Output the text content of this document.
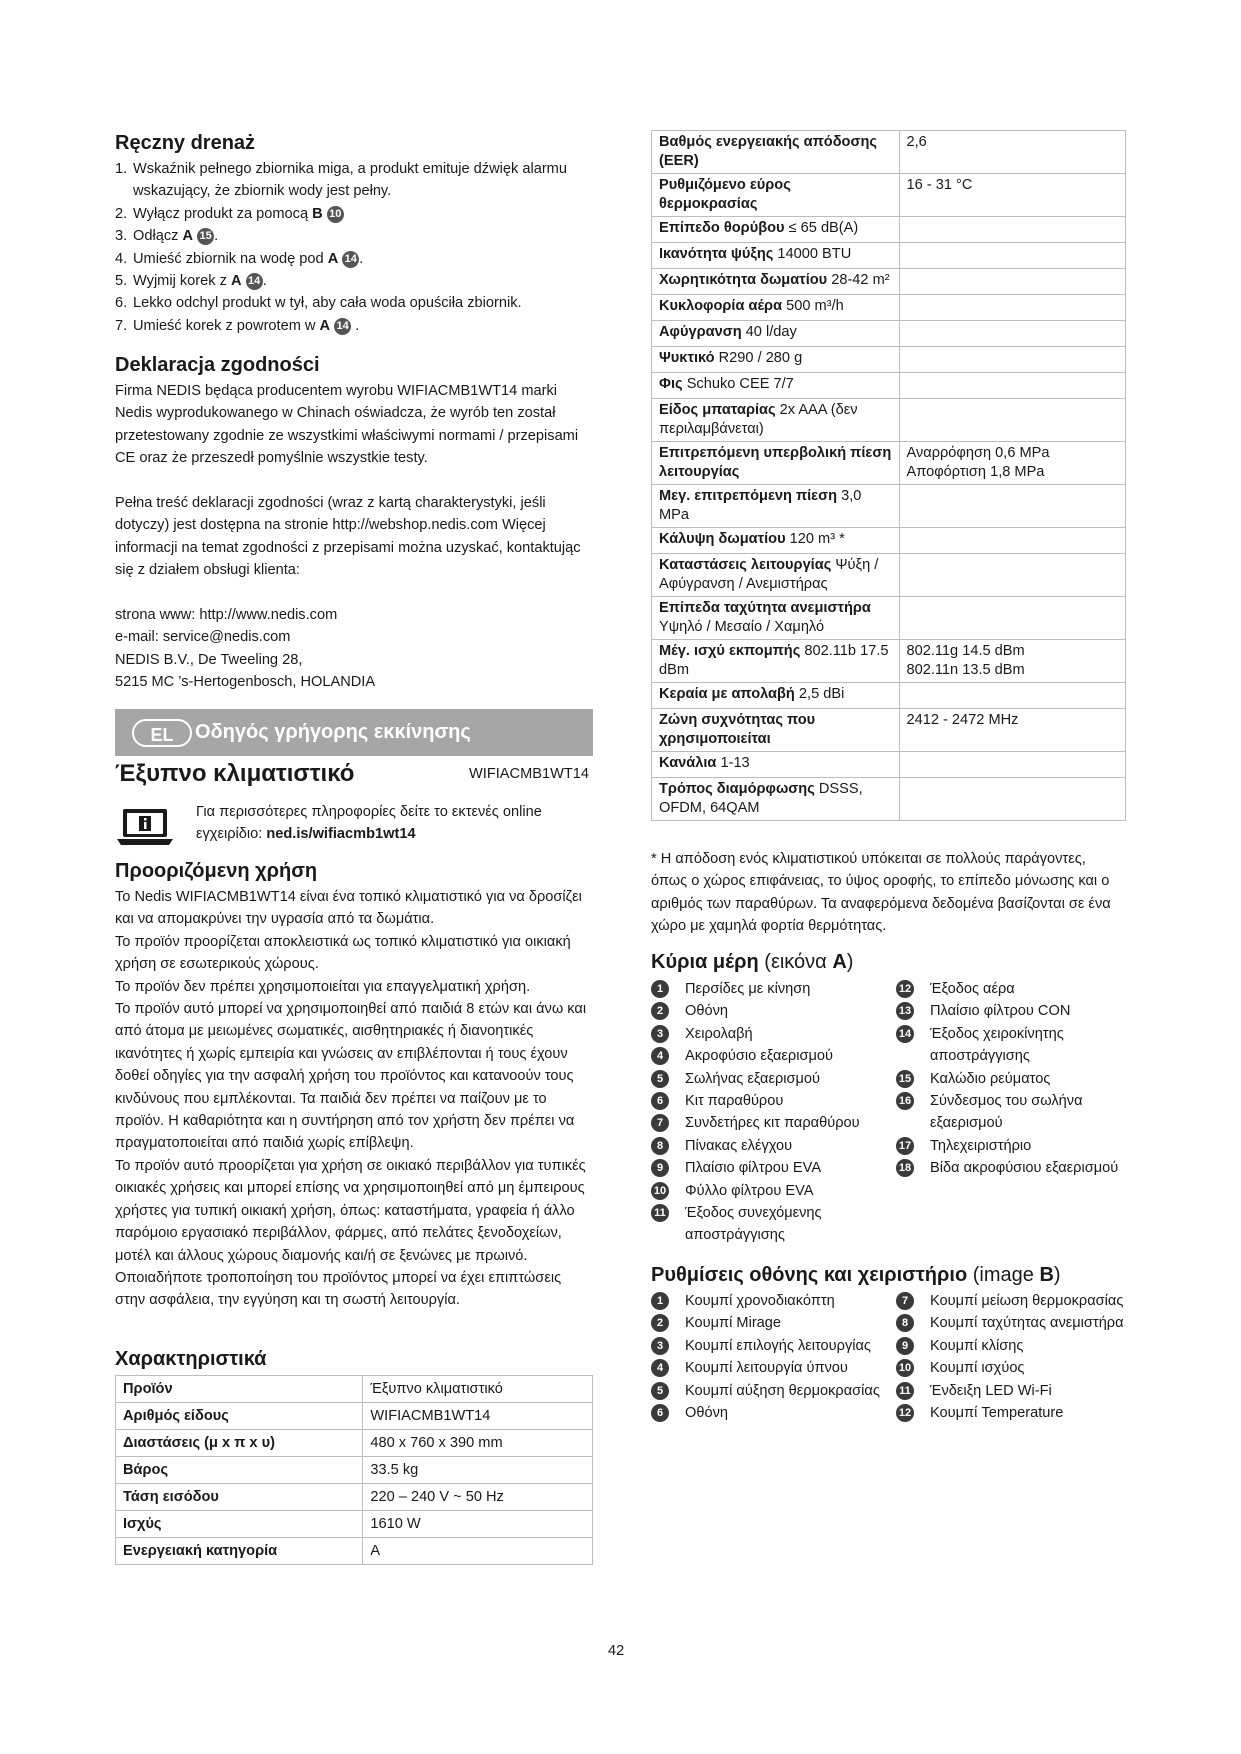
Ręczny drenaż
1. Wskaźnik pełnego zbiornika miga, a produkt emituje dźwięk alarmu wskazujący, że zbiornik wody jest pełny.
2. Wyłącz produkt za pomocą B 10
3. Odłącz A 15 .
4. Umieść zbiornik na wodę pod A 14 .
5. Wyjmij korek z A 14 .
6. Lekko odchyl produkt w tył, aby cała woda opuściła zbiornik.
7. Umieść korek z powrotem w A 14 .
Deklaracja zgodności

Firma NEDIS będąca producentem wyrobu WIFIACMB1WT14 marki Nedis wyprodukowanego w Chinach oświadcza, że wyrób ten został przetestowany zgodnie ze wszystkimi właściwymi normami / przepisami CE oraz że przeszedł pomyślnie wszystkie testy.

Pełna treść deklaracji zgodności (wraz z kartą charakterystyki, jeśli dotyczy) jest dostępna na stronie http://webshop.nedis.com Więcej informacji na temat zgodności z przepisami można uzyskać, kontaktując się z działem obsługi klienta:

strona www: http://www.nedis.com
e-mail: service@nedis.com
NEDIS B.V., De Tweeling 28,
5215 MC ’s-Hertogenbosch, HOLANDIA
EL	Οδηγός γρήγορης εκκίνησης
Έξυπνο κλιματιστικό	WIFIACMB1WT14
Για περισσότερες πληροφορίες δείτε το εκτενές online εγχειρίδιο: ned.is/wifiacmb1wt14
Προοριζόμενη χρήση

Το Nedis WIFIACMB1WT14 είναι ένα τοπικό κλιματιστικό για να δροσίζει και να απομακρύνει την υγρασία από τα δωμάτια.

Το προϊόν προορίζεται αποκλειστικά ως τοπικό κλιματιστικό για οικιακή χρήση σε εσωτερικούς χώρους.

Το προϊόν δεν πρέπει χρησιμοποιείται για επαγγελματική χρήση.

Το προϊόν αυτό μπορεί να χρησιμοποιηθεί από παιδιά 8 ετών και άνω και από άτομα με μειωμένες σωματικές, αισθητηριακές ή διανοητικές ικανότητες ή χωρίς εμπειρία και γνώσεις αν επιβλέπονται ή τους έχουν δοθεί οδηγίες για την ασφαλή χρήση του προϊόντος και κατανοούν τους κινδύνους που εμπλέκονται. Τα παιδιά δεν πρέπει να παίζουν με το προϊόν. Η καθαριότητα και η συντήρηση από τον χρήστη δεν πρέπει να πραγματοποιείται από παιδιά χωρίς επίβλεψη.

Το προϊόν αυτό προορίζεται για χρήση σε οικιακό περιβάλλον για τυπικές οικιακές χρήσεις και μπορεί επίσης να χρησιμοποιηθεί από μη έμπειρους χρήστες για τυπική οικιακή χρήση, όπως: καταστήματα, γραφεία ή άλλο παρόμοιο εργασιακό περιβάλλον, φάρμες, από πελάτες ξενοδοχείων, μοτέλ και άλλους χώρους διαμονής και/ή σε ξενώνες με πρωινό.

Οποιαδήποτε τροποποίηση του προϊόντος μπορεί να έχει επιπτώσεις στην ασφάλεια, την εγγύηση και τη σωστή λειτουργία.

Χαρακτηριστικά
Προϊόν	Έξυπνο κλιματιστικό
Αριθμός είδους	WIFIACMB1WT14
Διαστάσεις (μ x π x υ)	480 x 760 x 390 mm
Βάρος	33.5 kg
Τάση εισόδου	220 – 240 V ~ 50 Hz
Ισχύς	1610 W
Ενεργειακή κατηγορία	A
Βαθμός ενεργειακής απόδοσης (EER)	2,6
Ρυθμιζόμενο εύρος θερμοκρασίας	16 - 31 °C
Επίπεδο θορύβου ≤ 65 dB(A)	
Ικανότητα ψύξης 14000 BTU	
Χωρητικότητα δωματίου 28-42 m²	
Κυκλοφορία αέρα 500 m³/h	
Αφύγρανση 40 l/day	
Ψυκτικό R290 / 280 g	
Φις Schuko CEE 7/7	
Είδος μπαταρίας 2x AAA (δεν περιλαμβάνεται)	
Επιτρεπόμενη υπερβολική πίεση λειτουργίας	Αναρρόφηση 0,6 MPa
Αποφόρτιση 1,8 MPa
Μεγ. επιτρεπόμενη πίεση 3,0 MPa	
Κάλυψη δωματίου 120 m³ *	
Καταστάσεις λειτουργίας Ψύξη / Αφύγρανση / Ανεμιστήρας	
Επίπεδα ταχύτητα ανεμιστήρα Υψηλό / Μεσαίο / Χαμηλό	
Μέγ. ισχύ εκπομπής 802.11b 17.5 dBm	802.11g 14.5 dBm
802.11n 13.5 dBm
Κεραία με απολαβή 2,5 dBi	
Ζώνη συχνότητας που χρησιμοποιείται	2412 - 2472 MHz
Κανάλια 1-13	
Τρόπος διαμόρφωσης DSSS, OFDM, 64QAM	

* Η απόδοση ενός κλιματιστικού υπόκειται σε πολλούς παράγοντες, όπως ο χώρος επιφάνειας, το ύψος οροφής, το επίπεδο μόνωσης και ο αριθμός των παραθύρων. Τα αναφερόμενα δεδομένα βασίζονται σε ένα χώρο με χαμηλά φορτία θερμότητας.

Κύρια μέρη (εικόνα A)
1	Περσίδες με κίνηση
2	Οθόνη
3	Χειρολαβή
4	Ακροφύσιο εξαερισμού
5	Σωλήνας εξαερισμού
6	Κιτ παραθύρου
7	Συνδετήρες κιτ παραθύρου
8	Πίνακας ελέγχου
9	Πλαίσιο φίλτρου EVA
10 Φύλλο φίλτρου EVA
11 Έξοδος συνεχόμενης αποστράγγισης
12 Έξοδος αέρα
13 Πλαίσιο φίλτρου CON
14 Έξοδος χειροκίνητης αποστράγγισης
15 Καλώδιο ρεύματος
16 Σύνδεσμος του σωλήνα εξαερισμού
17 Τηλεχειριστήριο
18 Βίδα ακροφύσιου εξαερισμού
Ρυθμίσεις οθόνης και χειριστήριο (image B)
1	Κουμπί χρονοδιακόπτη
2	Κουμπί Mirage
3	Κουμπί επιλογής λειτουργίας
4	Κουμπί λειτουργία ύπνου
5	Κουμπί αύξηση θερμοκρασίας
6	Οθόνη
7	Κουμπί μείωση θερμοκρασίας
8	Κουμπί ταχύτητας ανεμιστήρα
9	Κουμπί κλίσης
10 Κουμπί ισχύος
11 Ένδειξη LED Wi-Fi
12 Κουμπί Temperature
42
